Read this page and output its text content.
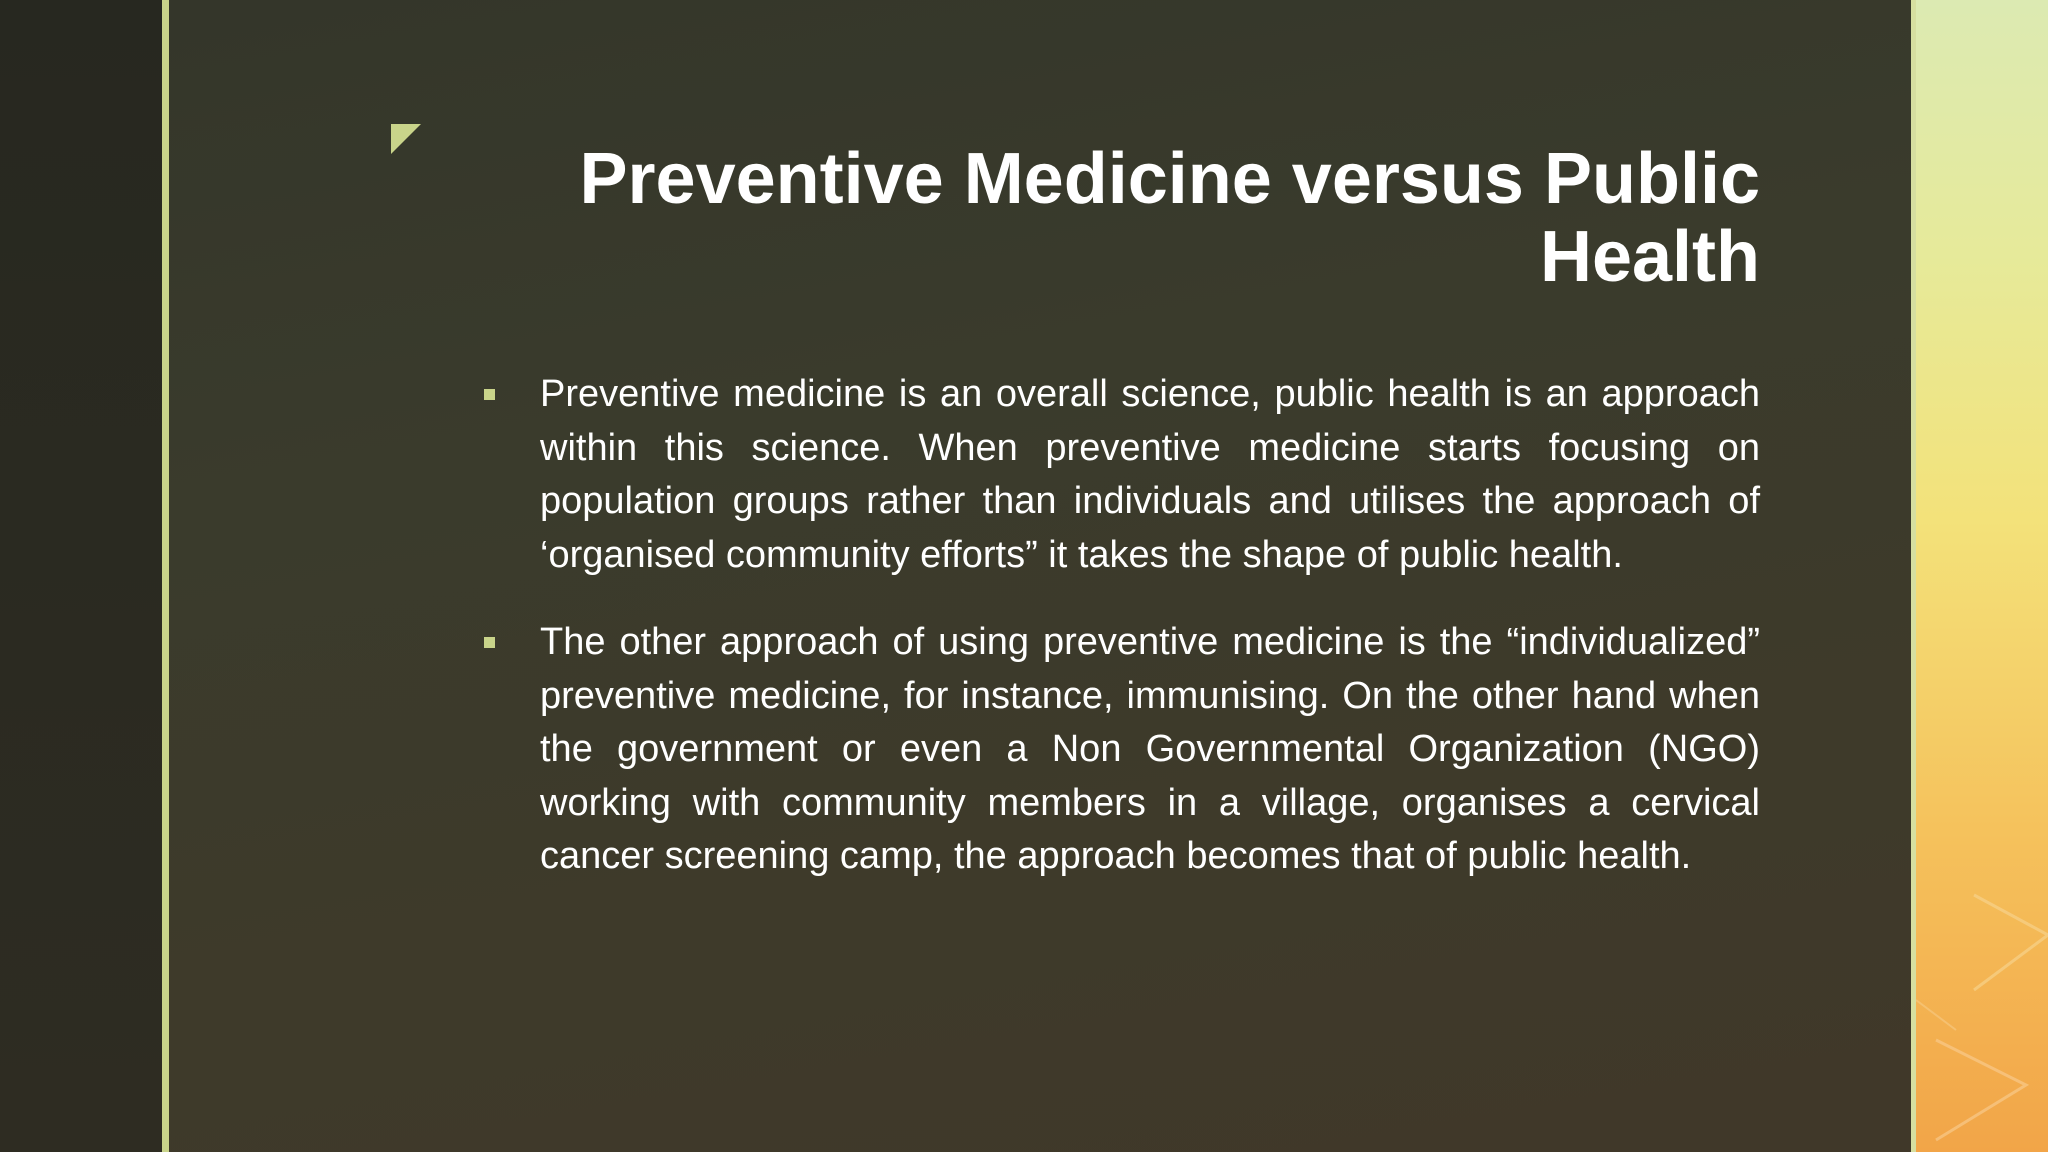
Preventive Medicine versus Public Health
Preventive medicine is an overall science, public health is an approach within this science. When preventive medicine starts focusing on population groups rather than individuals and utilises the approach of ‘organised community efforts” it takes the shape of public health.
The other approach of using preventive medicine is the “individualized” preventive medicine, for instance, immunising. On the other hand when the government or even a Non Governmental Organization (NGO) working with community members in a village, organises a cervical cancer screening camp, the approach becomes that of public health.
